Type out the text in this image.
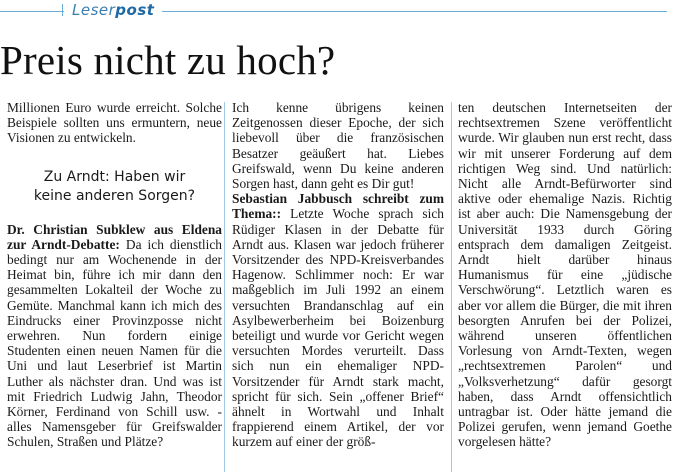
Leserpost
Preis nicht zu hoch?

Millionen Euro wurde erreicht. Solche Beispiele sollten uns ermuntern, neue Visionen zu entwickeln.

Zu Arndt: Haben wir
keine anderen Sorgen?

Dr. Christian Subklew aus Eldena zur Arndt-Debatte: Da ich dienstlich bedingt nur am Wochenende in der Heimat bin, führe ich mir dann den gesammelten Lokalteil der Woche zu Gemüte. Manchmal kann ich mich des Eindrucks einer Provinzposse nicht erwehren. Nun fordern einige Studenten einen neuen Namen für die Uni und laut Leserbrief ist Martin Luther als nächster dran. Und was ist mit Friedrich Ludwig Jahn, Theodor Körner, Ferdinand von Schill usw. - alles Namensgeber für Greifswalder Schulen, Straßen und Plätze?

Ich kenne übrigens keinen Zeitgenossen dieser Epoche, der sich liebevoll über die französischen Besatzer geäußert hat. Liebes Greifswald, wenn Du keine anderen Sorgen hast, dann geht es Dir gut!

Sebastian Jabbusch schreibt zum Thema:: Letzte Woche sprach sich Rüdiger Klasen in der Debatte für Arndt aus. Klasen war jedoch früherer Vorsitzender des NPD-Kreisverbandes Hagenow. Schlimmer noch: Er war maßgeblich im Juli 1992 an einem versuchten Brandanschlag auf ein Asylbewerberheim bei Boizenburg beteiligt und wurde vor Gericht wegen versuchten Mordes verurteilt. Dass sich nun ein ehemaliger NPD-Vorsitzender für Arndt stark macht, spricht für sich. Sein „offener Brief“ ähnelt in Wortwahl und Inhalt frappierend einem Artikel, der vor kurzem auf einer der größ-

ten deutschen Internetseiten der rechtsextremen Szene veröffentlicht wurde. Wir glauben nun erst recht, dass wir mit unserer Forderung auf dem richtigen Weg sind. Und natürlich: Nicht alle Arndt-Befürworter sind aktive oder ehemalige Nazis. Richtig ist aber auch: Die Namensgebung der Universität 1933 durch Göring entsprach dem damaligen Zeitgeist. Arndt hielt darüber hinaus Humanismus für eine „jüdische Verschwörung“. Letztlich waren es aber vor allem die Bürger, die mit ihren besorgten Anrufen bei der Polizei, während unseren öffentlichen Vorlesung von Arndt-Texten, wegen „rechtsextremen Parolen“ und „Volksverhetzung“ dafür gesorgt haben, dass Arndt offensichtlich untragbar ist. Oder hätte jemand die Polizei gerufen, wenn jemand Goethe vorgelesen hätte?
